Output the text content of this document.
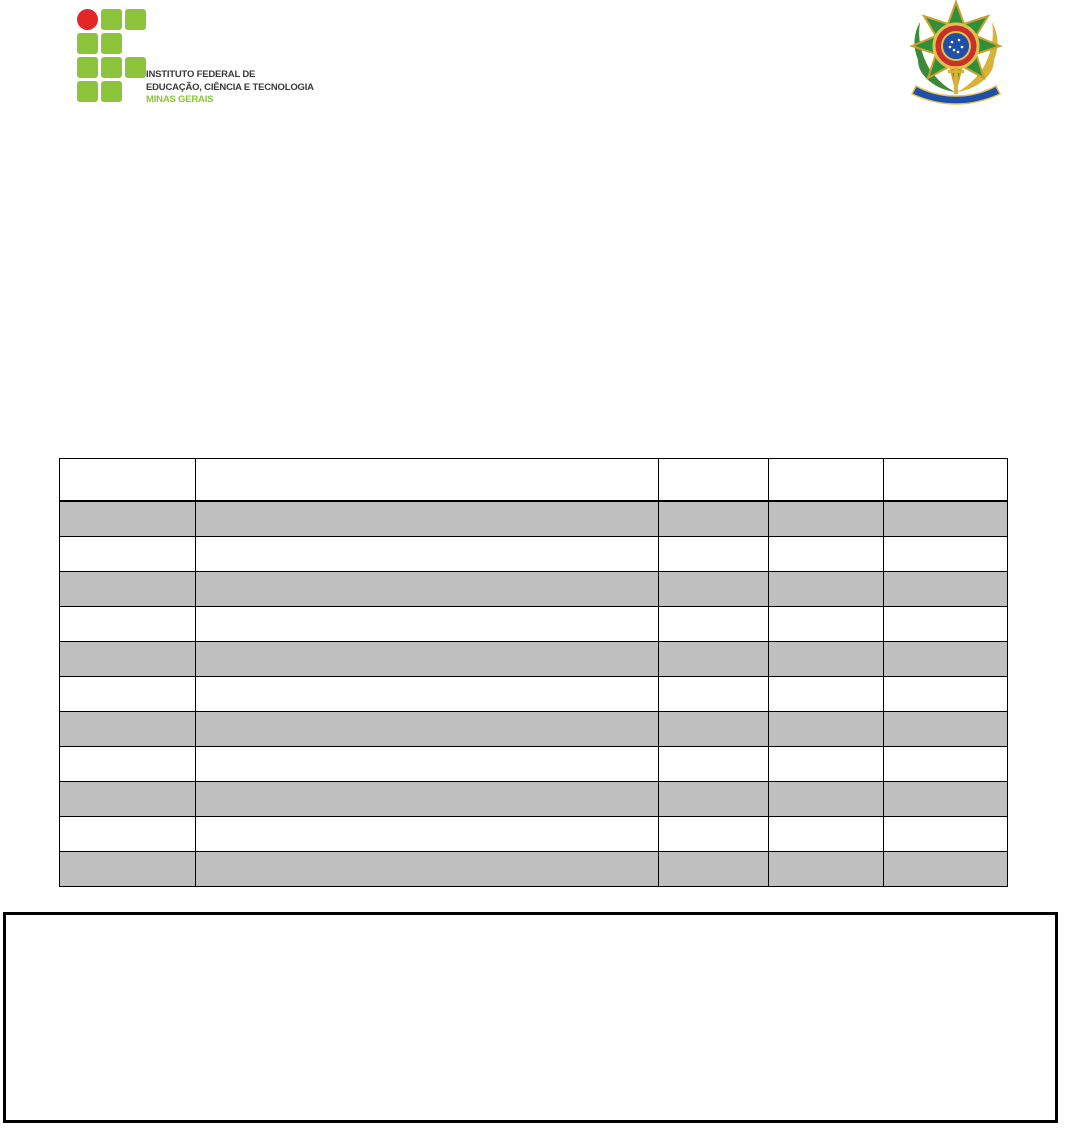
INSTITUTO FEDERAL DE
EDUCAÇÃO, CIÊNCIA E TECNOLOGIA
MINAS GERAIS
